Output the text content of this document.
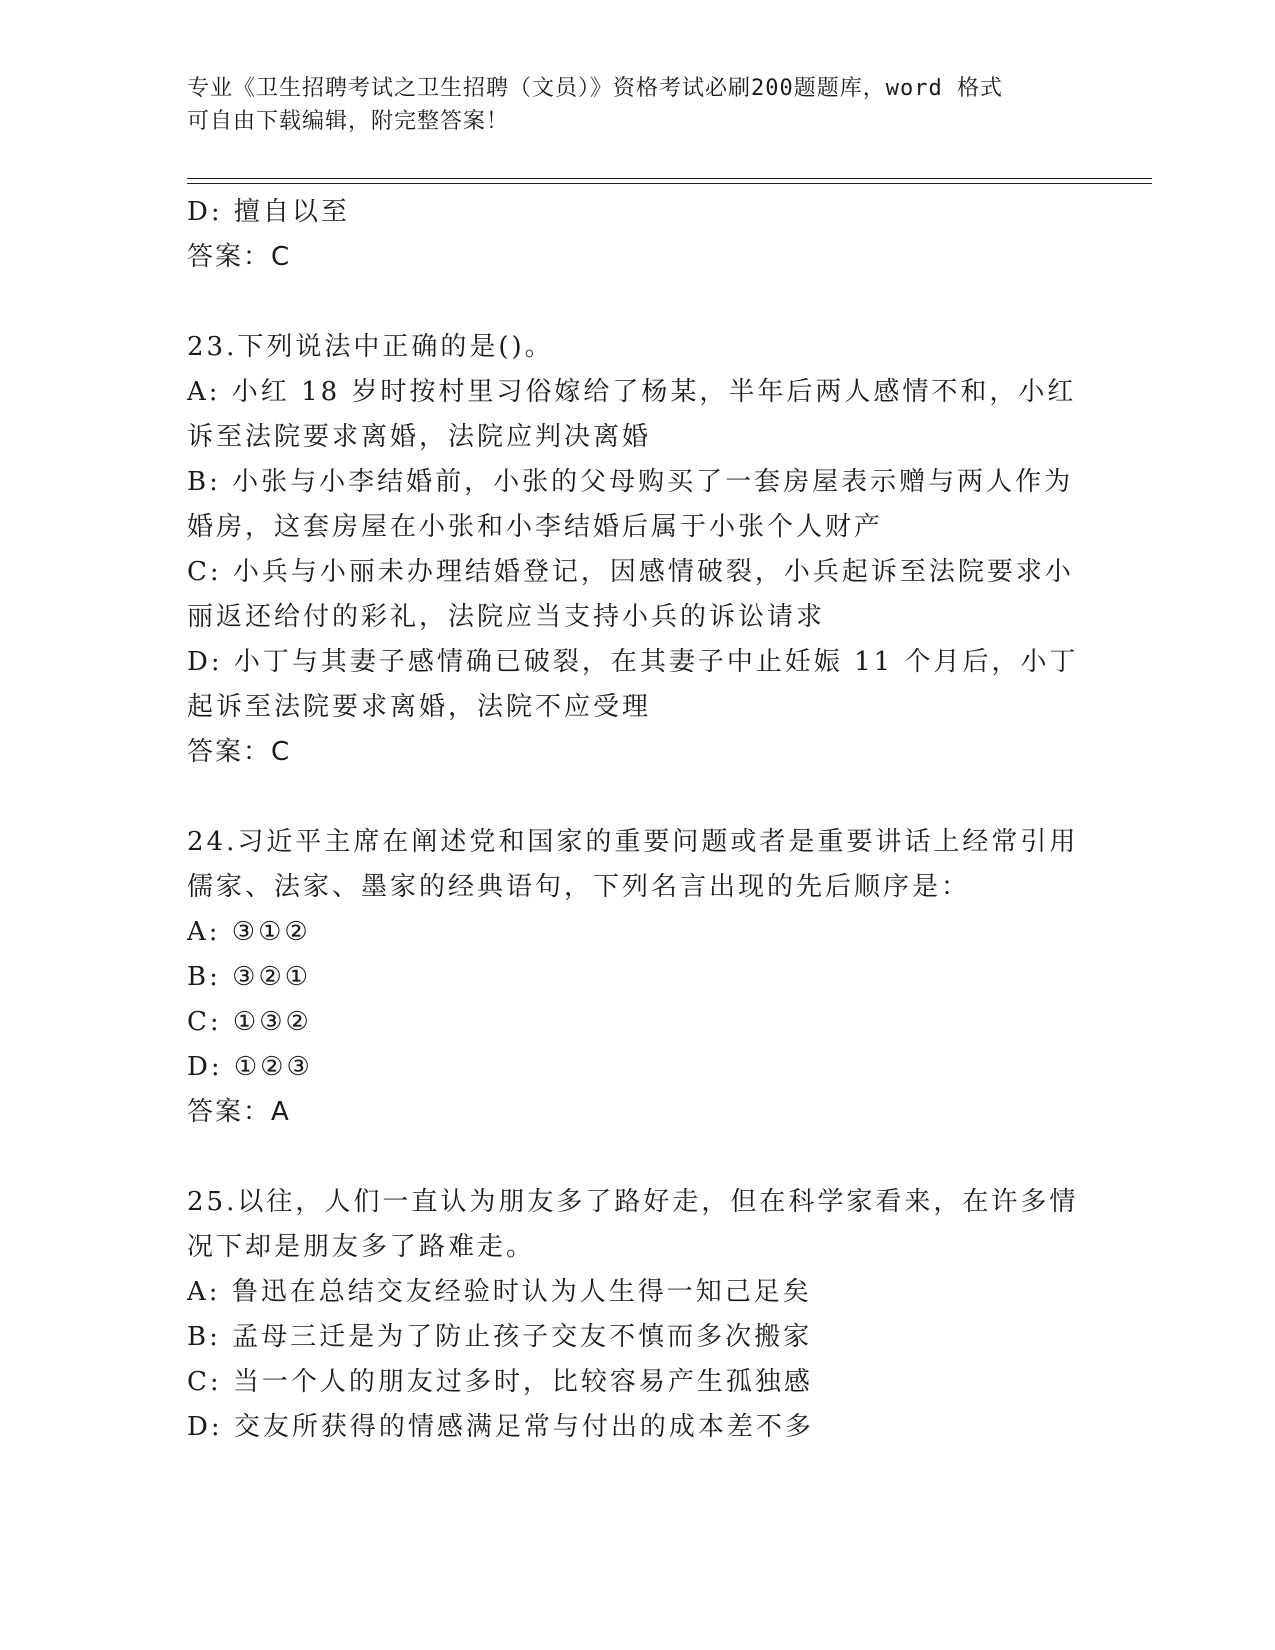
专业《卫生招聘考试之卫生招聘（文员）》资格考试必刷200题题库，word 格式
可自由下载编辑，附完整答案！
D: 擅自以至
答案：C
23.下列说法中正确的是()。
A: 小红 18 岁时按村里习俗嫁给了杨某，半年后两人感情不和，小红
诉至法院要求离婚，法院应判决离婚
B: 小张与小李结婚前，小张的父母购买了一套房屋表示赠与两人作为
婚房，这套房屋在小张和小李结婚后属于小张个人财产
C: 小兵与小丽未办理结婚登记，因感情破裂，小兵起诉至法院要求小
丽返还给付的彩礼，法院应当支持小兵的诉讼请求
D: 小丁与其妻子感情确已破裂，在其妻子中止妊娠 11 个月后，小丁
起诉至法院要求离婚，法院不应受理
答案：C
24.习近平主席在阐述党和国家的重要问题或者是重要讲话上经常引用
儒家、法家、墨家的经典语句，下列名言出现的先后顺序是：
A: ③①②
B: ③②①
C: ①③②
D: ①②③
答案：A
25.以往，人们一直认为朋友多了路好走，但在科学家看来，在许多情
况下却是朋友多了路难走。
A: 鲁迅在总结交友经验时认为人生得一知己足矣
B: 孟母三迁是为了防止孩子交友不慎而多次搬家
C: 当一个人的朋友过多时，比较容易产生孤独感
D: 交友所获得的情感满足常与付出的成本差不多
